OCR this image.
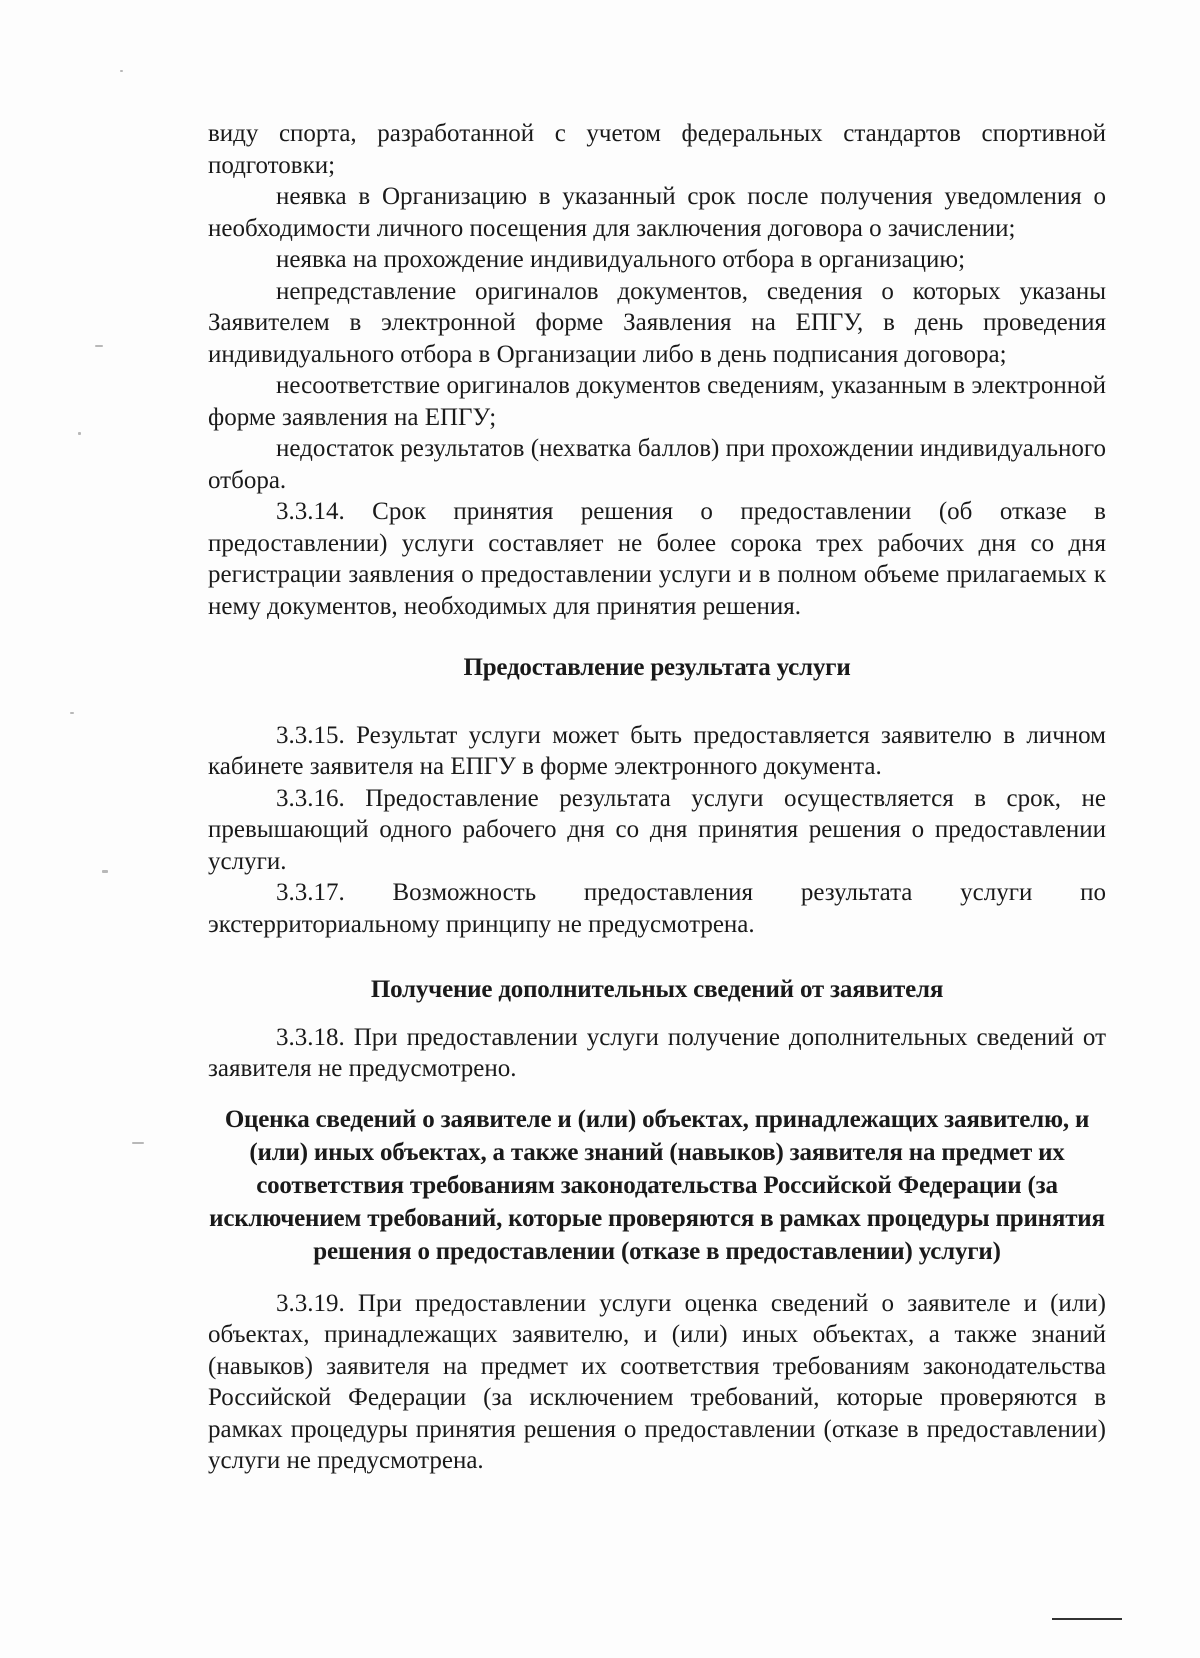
виду спорта, разработанной с учетом федеральных стандартов спортивной подготовки;

неявка в Организацию в указанный срок после получения уведомления о необходимости личного посещения для заключения договора о зачислении;

неявка на прохождение индивидуального отбора в организацию;

непредставление оригиналов документов, сведения о которых указаны Заявителем в электронной форме Заявления на ЕПГУ, в день проведения индивидуального отбора в Организации либо в день подписания договора;

несоответствие оригиналов документов сведениям, указанным в электронной форме заявления на ЕПГУ;

недостаток результатов (нехватка баллов) при прохождении индивидуального отбора.

3.3.14. Срок принятия решения о предоставлении (об отказе в предоставлении) услуги составляет не более сорока трех рабочих дня со дня регистрации заявления о предоставлении услуги и в полном объеме прилагаемых к нему документов, необходимых для принятия решения.

Предоставление результата услуги

3.3.15. Результат услуги может быть предоставляется заявителю в личном кабинете заявителя на ЕПГУ в форме электронного документа.

3.3.16. Предоставление результата услуги осуществляется в срок, не превышающий одного рабочего дня со дня принятия решения о предоставлении услуги.

3.3.17. Возможность предоставления результата услуги по экстерриториальному принципу не предусмотрена.

Получение дополнительных сведений от заявителя

3.3.18. При предоставлении услуги получение дополнительных сведений от заявителя не предусмотрено.

Оценка сведений о заявителе и (или) объектах, принадлежащих заявителю, и (или) иных объектах, а также знаний (навыков) заявителя на предмет их соответствия требованиям законодательства Российской Федерации (за исключением требований, которые проверяются в рамках процедуры принятия решения о предоставлении (отказе в предоставлении) услуги)

3.3.19. При предоставлении услуги оценка сведений о заявителе и (или) объектах, принадлежащих заявителю, и (или) иных объектах, а также знаний (навыков) заявителя на предмет их соответствия требованиям законодательства Российской Федерации (за исключением требований, которые проверяются в рамках процедуры принятия решения о предоставлении (отказе в предоставлении) услуги не предусмотрена.
